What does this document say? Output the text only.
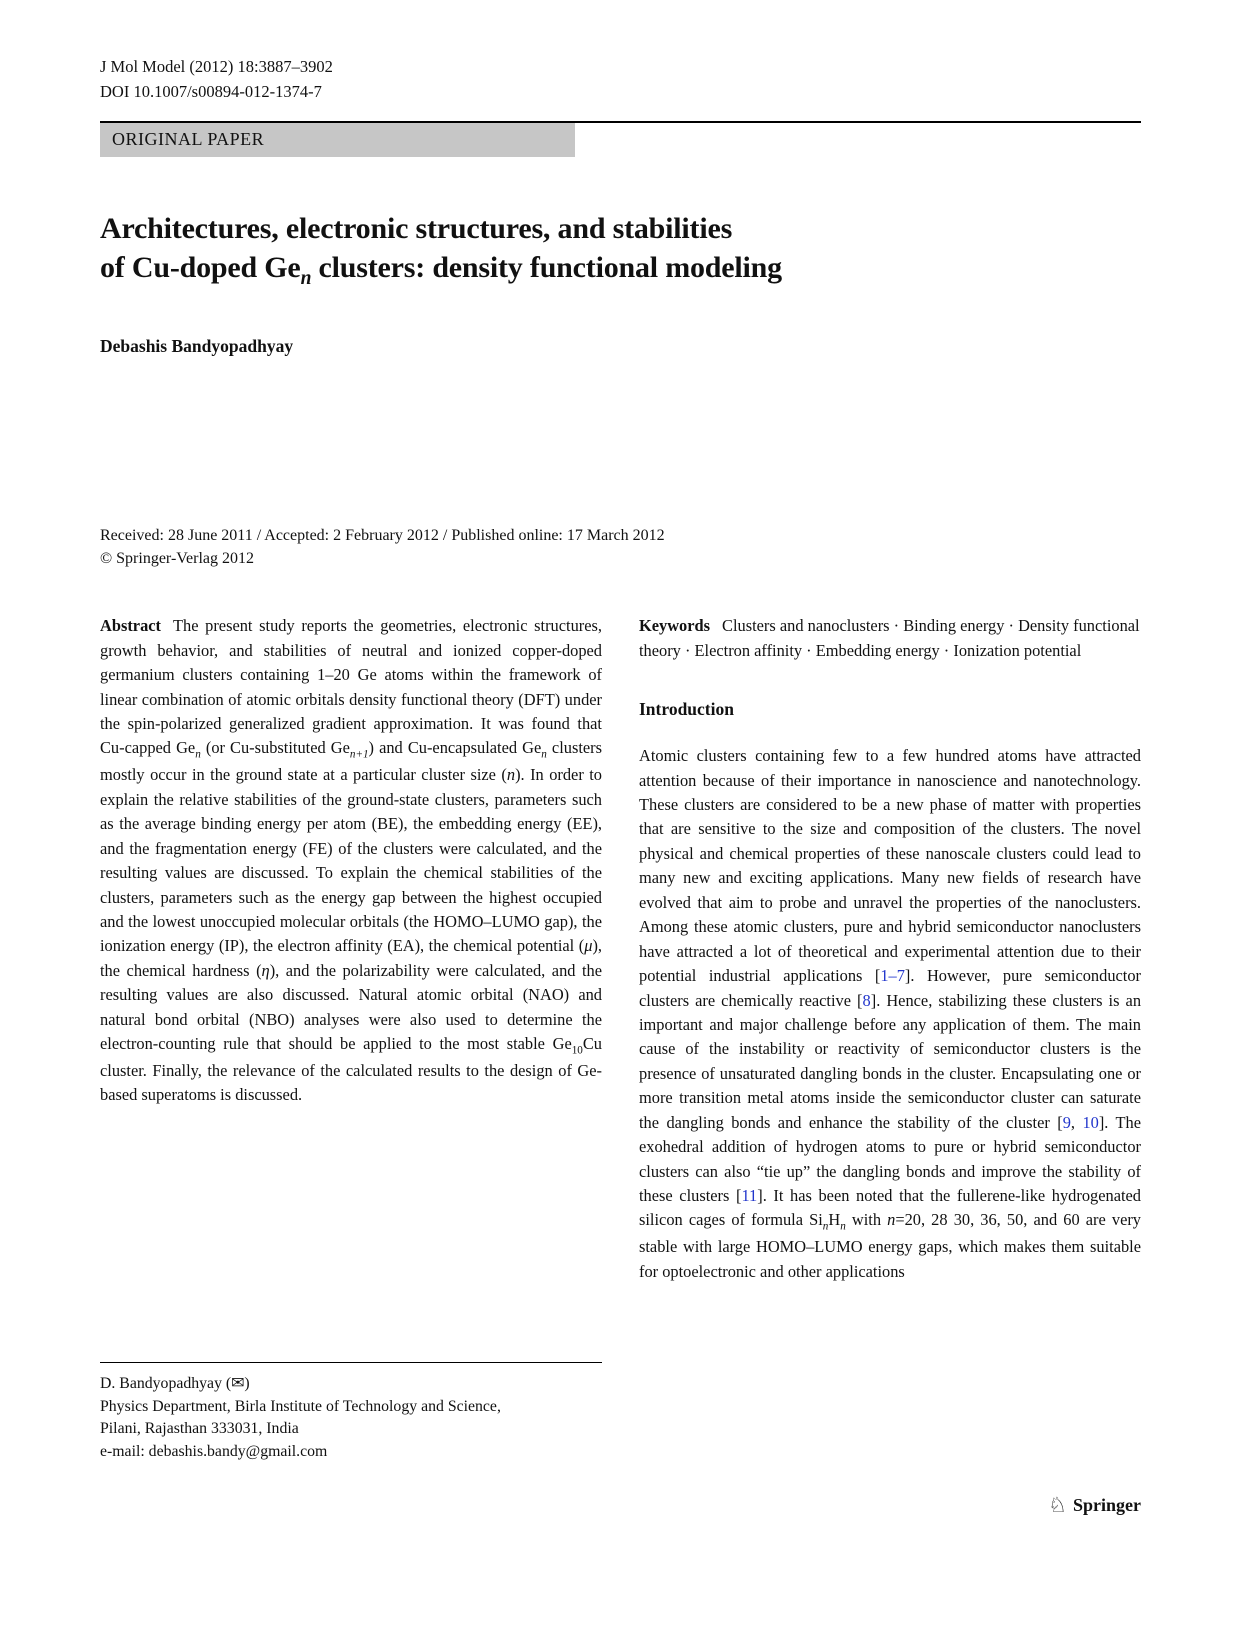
J Mol Model (2012) 18:3887–3902
DOI 10.1007/s00894-012-1374-7
ORIGINAL PAPER
Architectures, electronic structures, and stabilities
of Cu-doped $Ge_n$ clusters: density functional modeling
Debashis Bandyopadhyay
Received: 28 June 2011 / Accepted: 2 February 2012 / Published online: 17 March 2012
© Springer-Verlag 2012

Abstract The present study reports the geometries, electronic structures, growth behavior, and stabilities of neutral and ionized copper-doped germanium clusters containing 1–20 Ge atoms within the framework of linear combination of atomic orbitals density functional theory (DFT) under the spin-polarized generalized gradient approximation. It was found that Cu-capped $Ge_n$ (or Cu-substituted $Ge_{n+1}$) and Cu-encapsulated $Ge_n$ clusters mostly occur in the ground state at a particular cluster size (n). In order to explain the relative stabilities of the ground-state clusters, parameters such as the average binding energy per atom (BE), the embedding energy (EE), and the fragmentation energy (FE) of the clusters were calculated, and the resulting values are discussed. To explain the chemical stabilities of the clusters, parameters such as the energy gap between the highest occupied and the lowest unoccupied molecular orbitals (the HOMO–LUMO gap), the ionization energy (IP), the electron affinity (EA), the chemical potential (μ), the chemical hardness (η), and the polarizability were calculated, and the resulting values are also discussed. Natural atomic orbital (NAO) and natural bond orbital (NBO) analyses were also used to determine the electron-counting rule that should be applied to the most stable $Ge_{10}Cu$ cluster. Finally, the relevance of the calculated results to the design of Ge-based superatoms is discussed.

D. Bandyopadhyay (✉)
Physics Department, Birla Institute of Technology and Science,
Pilani, Rajasthan 333031, India
e-mail: debashis.bandy@gmail.com

Keywords Clusters and nanoclusters · Binding energy · Density functional theory · Electron affinity · Embedding energy · Ionization potential

Introduction

Atomic clusters containing few to a few hundred atoms have attracted attention because of their importance in nanoscience and nanotechnology. These clusters are considered to be a new phase of matter with properties that are sensitive to the size and composition of the clusters. The novel physical and chemical properties of these nanoscale clusters could lead to many new and exciting applications. Many new fields of research have evolved that aim to probe and unravel the properties of the nanoclusters. Among these atomic clusters, pure and hybrid semiconductor nanoclusters have attracted a lot of theoretical and experimental attention due to their potential industrial applications [1–7]. However, pure semiconductor clusters are chemically reactive [8]. Hence, stabilizing these clusters is an important and major challenge before any application of them. The main cause of the instability or reactivity of semiconductor clusters is the presence of unsaturated dangling bonds in the cluster. Encapsulating one or more transition metal atoms inside the semiconductor cluster can saturate the dangling bonds and enhance the stability of the cluster [9, 10]. The exohedral addition of hydrogen atoms to pure or hybrid semiconductor clusters can also “tie up” the dangling bonds and improve the stability of these clusters [11]. It has been noted that the fullerene-like hydrogenated silicon cages of formula $Si_nH_n$ with n=20, 28 30, 36, 50, and 60 are very stable with large HOMO–LUMO energy gaps, which makes them suitable for optoelectronic and other applications

♘ Springer
